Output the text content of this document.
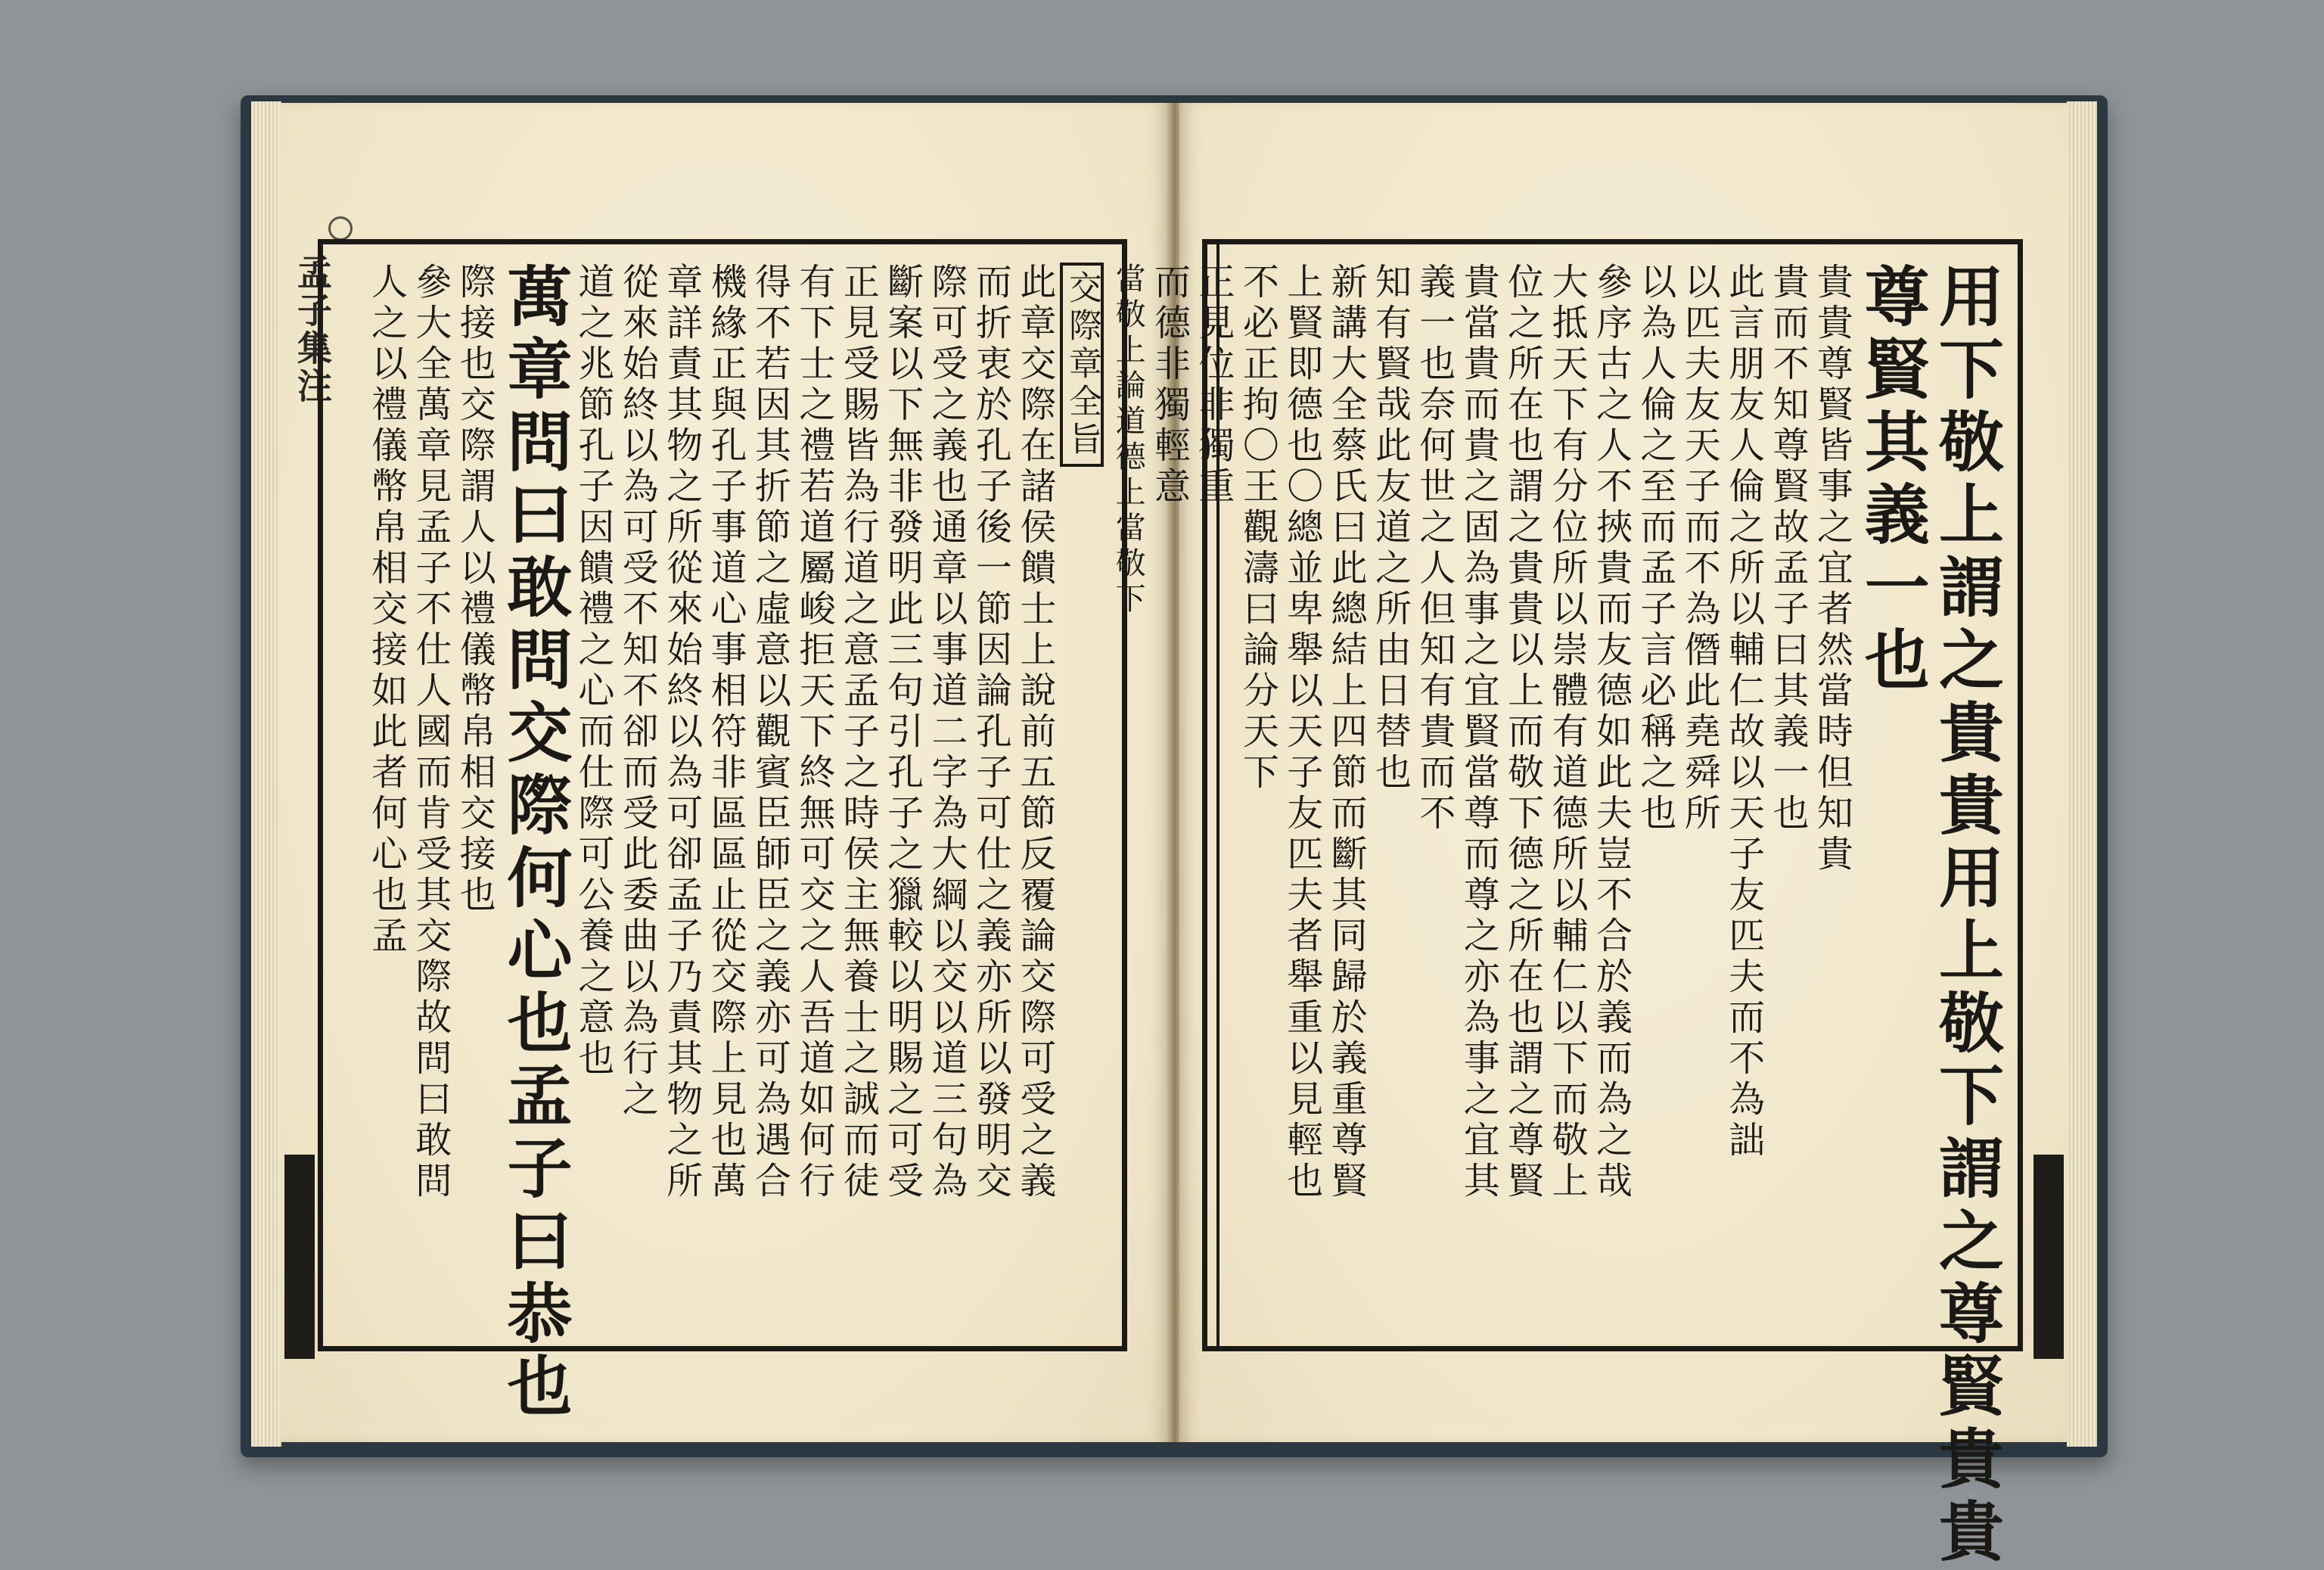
孟子集注	交際章全旨
此章交際在諸侯饋士上說前五節反覆論交際可受之義
而折衷於孔子後一節因論孔子可仕之義亦所以發明交
際可受之義也通章以事道二字為大綱以交以道三句為
斷案以下無非發明此三句引孔子之獵較以明賜之可受
正見受賜皆為行道之意孟子之時侯主無養士之誠而徒
有下士之禮若道屬峻拒天下終無可交之人吾道如何行
得不若因其折節之虛意以觀賓臣師臣之義亦可為遇合
機緣正與孔子事道心事相符非區區止從交際上見也萬
章詳責其物之所從來始終以為可卻孟子乃責其物之所
從來始終以為可受不知不卻而受此委曲以為行之
道之兆節孔子因饋禮之心而仕際可公養之意也
萬章問曰敢問交際何心也孟子曰恭也
際接也交際謂人以禮儀幣帛相交接也
參大全萬章見孟子不仕人國而肯受其交際故問曰敢問
人之以禮儀幣帛相交接如此者何心也孟	用下敬上謂之貴貴用上敬下謂之尊賢貴貴
尊賢其義一也
貴貴尊賢皆事之宜者然當時但知貴
貴而不知尊賢故孟子曰其義一也
此言朋友人倫之所以輔仁故以天子友匹夫而不為詘
以匹夫友天子而不為僭此堯舜所
以為人倫之至而孟子言必稱之也
參序古之人不挾貴而友德如此夫豈不合於義而為之哉
大抵天下有分位所以崇體有道德所以輔仁以下而敬上
位之所在也謂之貴貴以上而敬下德之所在也謂之尊賢
貴當貴而貴之固為事之宜賢當尊而尊之亦為事之宜其
義一也奈何世之人但知有貴而不
知有賢哉此友道之所由日替也
新講大全蔡氏曰此總結上四節而斷其同歸於義重尊賢
上賢即德也〇總並卑舉以天子友匹夫者舉重以見輕也
不必正拘〇王觀濤曰論分天下
正見位非獨重
而德非獨輕意
當敬上論道德上當敬下
